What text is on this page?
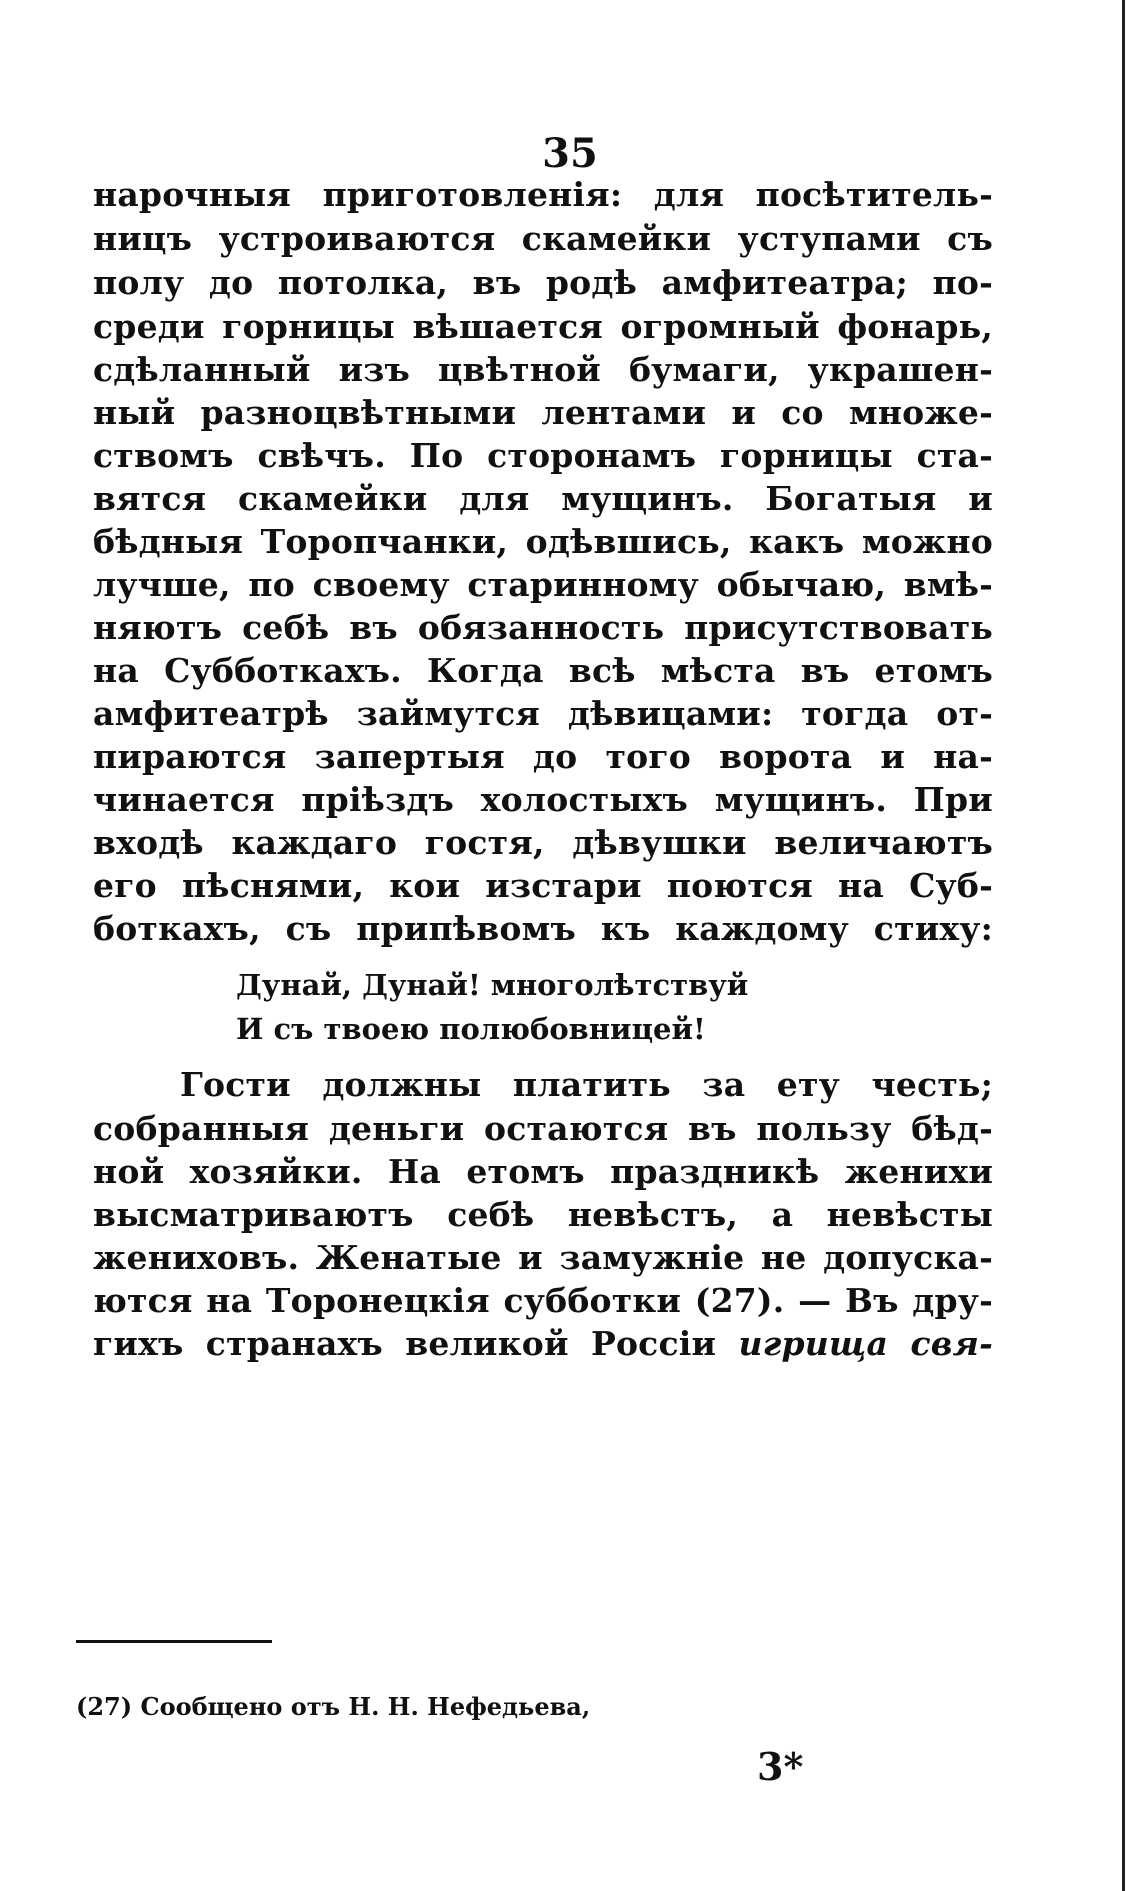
35
нарочныя приготовленія: для посѣтитель-
ницъ устроиваются скамейки уступами съ
полу до потолка, въ родѣ амфитеатра; по-
среди горницы вѣшается огромный фонарь,
сдѣланный изъ цвѣтной бумаги, украшен-
ный разноцвѣтными лентами и со множе-
ствомъ свѣчъ. По сторонамъ горницы ста-
вятся скамейки для мущинъ. Богатыя и
бѣдныя Торопчанки, одѣвшись, какъ можно
лучше, по своему старинному обычаю, вмѣ-
няютъ себѣ въ обязанность присутствовать
на Субботкахъ. Когда всѣ мѣста въ етомъ
амфитеатрѣ займутся дѣвицами: тогда от-
пираются запертыя до того ворота и на-
чинается пріѣздъ холостыхъ мущинъ. При
входѣ каждаго гостя, дѣвушки величаютъ
его пѣснями, кои изстари поются на Суб-
боткахъ, съ припѣвомъ къ каждому стиху:
Дунай, Дунай! многолѣтствуй
И съ твоею полюбовницей!
Гости должны платить за ету честь;
собранныя деньги остаются въ пользу бѣд-
ной хозяйки. На етомъ праздникѣ женихи
высматриваютъ себѣ невѣстъ, а невѣсты
жениховъ. Женатые и замужніе не допуска-
ются на Торонецкія субботки (27). — Въ дру-
гихъ странахъ великой Россіи игрища свя-
(27) Сообщено отъ Н. Н. Нефедьева,
3*
